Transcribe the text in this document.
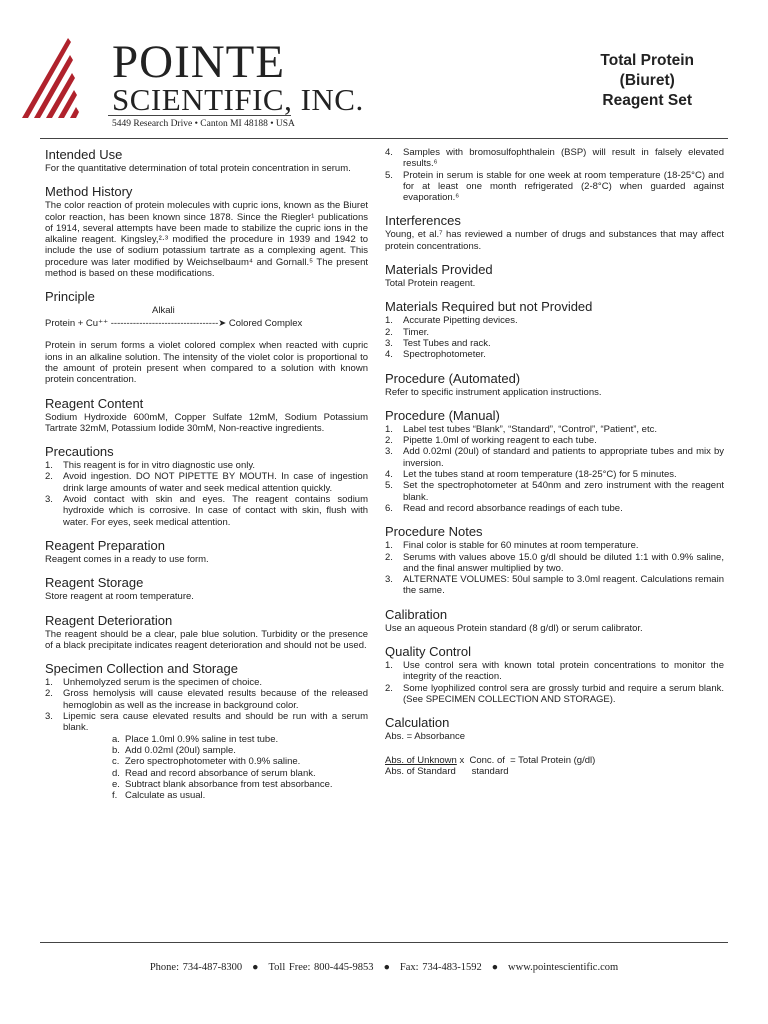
POINTE
SCIENTIFIC, INC.
5449 Research Drive • Canton MI 48188 • USA
Total Protein
(Biuret)
Reagent Set
Intended Use

For the quantitative determination of total protein concentration in serum.

Method History

The color reaction of protein molecules with cupric ions, known as the Biuret color reaction, has been known since 1878. Since the Riegler¹ publications of 1914, several attempts have been made to stabilize the cupric ions in the alkaline reagent. Kingsley,²·³ modified the procedure in 1939 and 1942 to include the use of sodium potassium tartrate as a complexing agent. This procedure was later modified by Weichselbaum⁴ and Gornall.⁵ The present method is based on these modifications.

Principle
Alkali
Protein + Cu⁺⁺ ----------------------------------➤ Colored Complex

Protein in serum forms a violet colored complex when reacted with cupric ions in an alkaline solution. The intensity of the violet color is proportional to the amount of protein present when compared to a solution with known protein concentration.

Reagent Content

Sodium Hydroxide 600mM, Copper Sulfate 12mM, Sodium Potassium Tartrate 32mM, Potassium Iodide 30mM, Non-reactive ingredients.

Precautions
1. This reagent is for in vitro diagnostic use only.
2. Avoid ingestion. DO NOT PIPETTE BY MOUTH. In case of ingestion drink large amounts of water and seek medical attention quickly.
3. Avoid contact with skin and eyes. The reagent contains sodium hydroxide which is corrosive. In case of contact with skin, flush with water. For eyes, seek medical attention.
Reagent Preparation

Reagent comes in a ready to use form.

Reagent Storage

Store reagent at room temperature.

Reagent Deterioration

The reagent should be a clear, pale blue solution. Turbidity or the presence of a black precipitate indicates reagent deterioration and should not be used.

Specimen Collection and Storage
1. Unhemolyzed serum is the specimen of choice.
2. Gross hemolysis will cause elevated results because of the released hemoglobin as well as the increase in background color.
3. Lipemic sera cause elevated results and should be run with a serum blank.
a. Place 1.0ml 0.9% saline in test tube.
b. Add 0.02ml (20ul) sample.
c. Zero spectrophotometer with 0.9% saline.
d. Read and record absorbance of serum blank.
e. Subtract blank absorbance from test absorbance.
f. Calculate as usual.
4. Samples with bromosulfophthalein (BSP) will result in falsely elevated results.⁶
5. Protein in serum is stable for one week at room temperature (18-25°C) and for at least one month refrigerated (2-8°C) when guarded against evaporation.⁶
Interferences

Young, et al.⁷ has reviewed a number of drugs and substances that may affect protein concentrations.

Materials Provided

Total Protein reagent.

Materials Required but not Provided
1. Accurate Pipetting devices.
2. Timer.
3. Test Tubes and rack.
4. Spectrophotometer.
Procedure (Automated)

Refer to specific instrument application instructions.

Procedure (Manual)
1. Label test tubes “Blank”, “Standard”, “Control”, “Patient”, etc.
2. Pipette 1.0ml of working reagent to each tube.
3. Add 0.02ml (20ul) of standard and patients to appropriate tubes and mix by inversion.
4. Let the tubes stand at room temperature (18-25°C) for 5 minutes.
5. Set the spectrophotometer at 540nm and zero instrument with the reagent blank.
6. Read and record absorbance readings of each tube.
Procedure Notes
1. Final color is stable for 60 minutes at room temperature.
2. Serums with values above 15.0 g/dl should be diluted 1:1 with 0.9% saline, and the final answer multiplied by two.
3. ALTERNATE VOLUMES: 50ul sample to 3.0ml reagent. Calculations remain the same.
Calibration

Use an aqueous Protein standard (8 g/dl) or serum calibrator.

Quality Control
1. Use control sera with known total protein concentrations to monitor the integrity of the reaction.
2. Some lyophilized control sera are grossly turbid and require a serum blank. (See SPECIMEN COLLECTION AND STORAGE).
Calculation

Abs. = Absorbance

Abs. of Unknown x  Conc. of  = Total Protein (g/dl)
Abs. of Standard      standard
Phone: 734-487-8300 ● Toll Free: 800-445-9853 ● Fax: 734-483-1592 ● www.pointescientific.com
